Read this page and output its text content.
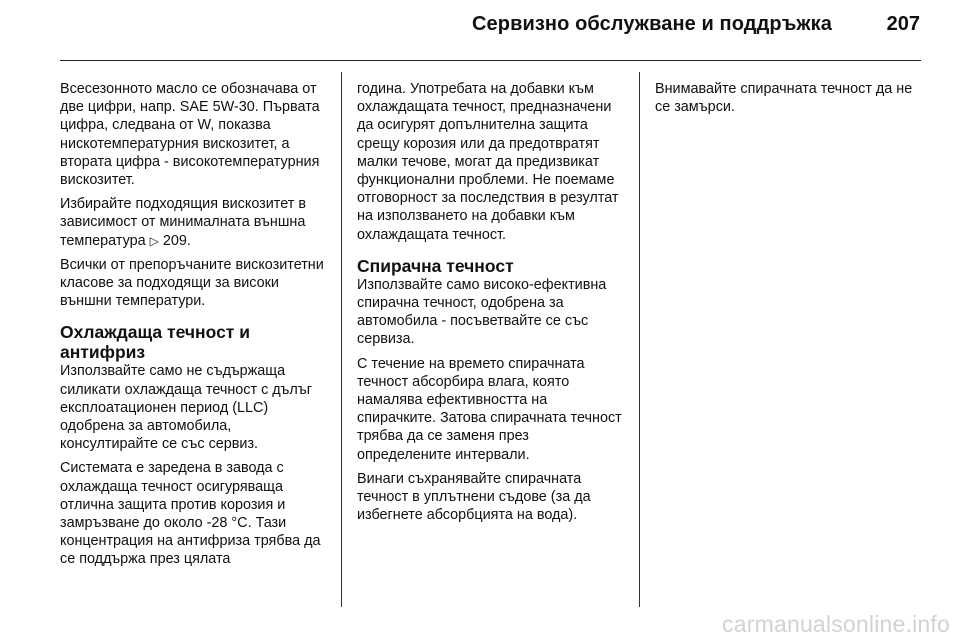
Сервизно обслужване и поддръжка	207

Всесезонното масло се обозначава от две цифри, напр. SAE 5W-30. Първата цифра, следвана от W, показва нискотемпературния вискозитет, а втората цифра - високотемпературния вискозитет.

Избирайте подходящия вискозитет в зависимост от минималната външна температура ▷ 209.

Всички от препоръчаните вискозитетни класове за подходящи за високи външни температури.

Охлаждаща течност и антифриз

Използвайте само не съдържаща силикати охлаждаща течност с дълъг експлоатационен период (LLC) одобрена за автомобила, консултирайте се със сервиз.

Системата е заредена в завода с охлаждаща течност осигуряваща отлична защита против корозия и замръзване до около -28 °C. Тази концентрация на антифриза трябва да се поддържа през цялата

година. Употребата на добавки към охлаждащата течност, предназначени да осигурят допълнителна защита срещу корозия или да предотвратят малки течове, могат да предизвикат функционални проблеми. Не поемаме отговорност за последствия в резултат на използването на добавки към охлаждащата течност.

Спирачна течност

Използвайте само високо-ефективна спирачна течност, одобрена за автомобила - посъветвайте се със сервиза.

С течение на времето спирачната течност абсорбира влага, която намалява ефективността на спирачките. Затова спирачната течност трябва да се заменя през определените интервали.

Винаги съхранявайте спирачната течност в уплътнени съдове (за да избегнете абсорбцията на вода).

Внимавайте спирачната течност да не се замърси.

carmanualsonline.info
